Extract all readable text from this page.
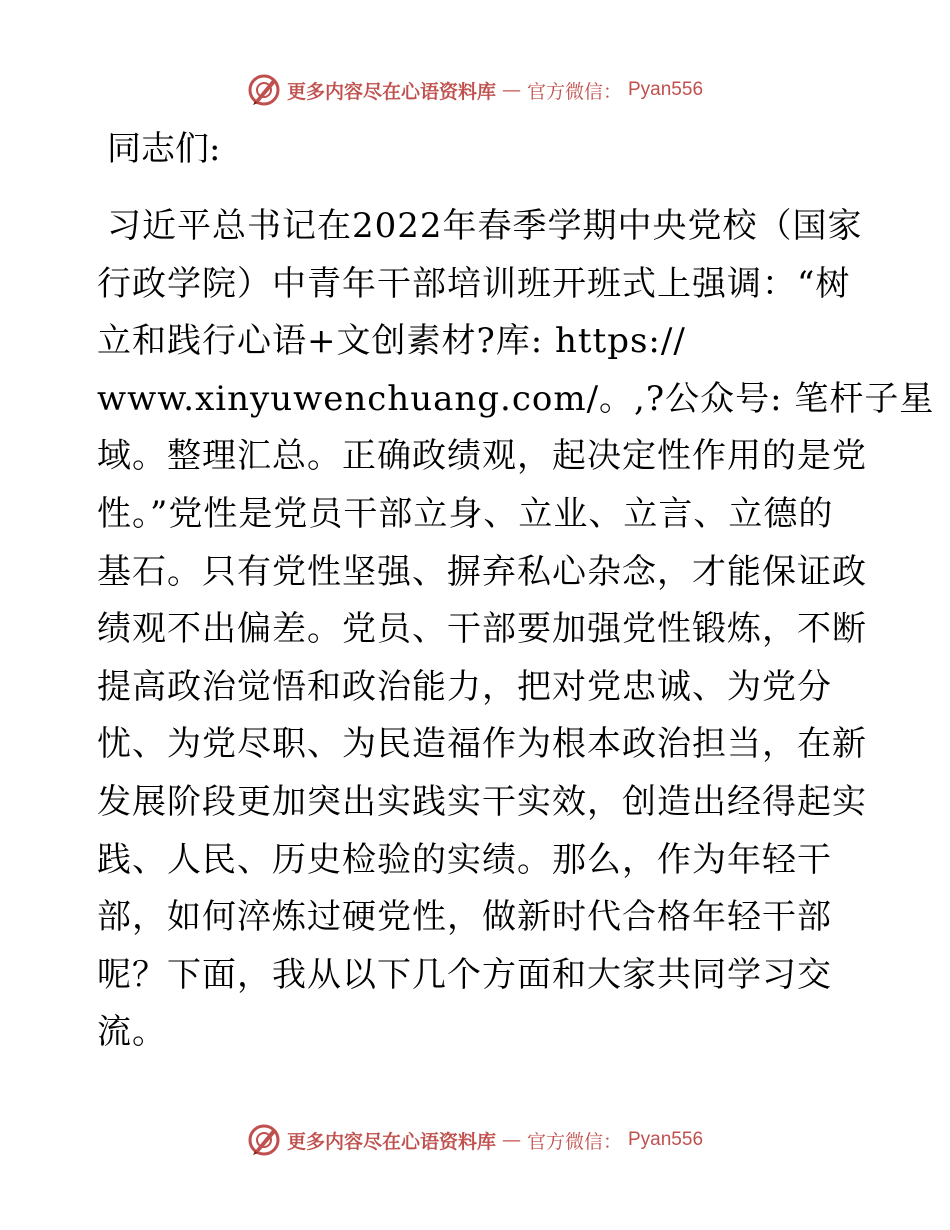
更多内容尽在心语资料库 — 官方微信： Pyan556
同志们:
习近平总书记在2022年春季学期中央党校（国家
行政学院）中青年干部培训班开班式上强调：“树
立和践行心语+文创素材?库: https://
www.xinyuwenchuang.com/。,?公众号: 笔杆子星
域。整理汇总。正确政绩观，起决定性作用的是党
性。”党性是党员干部立身、立业、立言、立德的
基石。只有党性坚强、摒弃私心杂念，才能保证政
绩观不出偏差。党员、干部要加强党性锻炼，不断
提高政治觉悟和政治能力，把对党忠诚、为党分
忧、为党尽职、为民造福作为根本政治担当，在新
发展阶段更加突出实践实干实效，创造出经得起实
践、人民、历史检验的实绩。那么，作为年轻干
部，如何淬炼过硬党性，做新时代合格年轻干部
呢？下面，我从以下几个方面和大家共同学习交
流。
更多内容尽在心语资料库 — 官方微信： Pyan556
